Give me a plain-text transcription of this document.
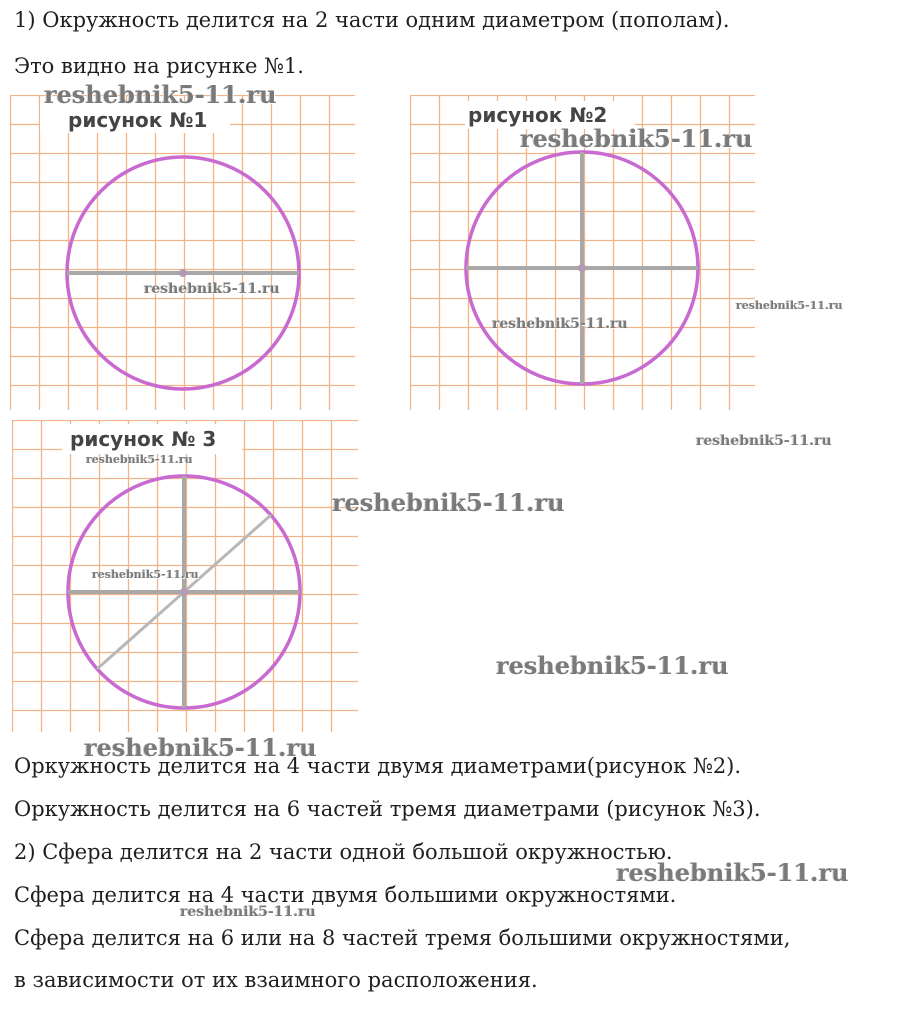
1) Окружность делится на 2 части одним диаметром (пополам).
Это видно на рисунке №1.
Оркужность делится на 4 части двумя диаметрами(рисунок №2).
Оркужность делится на 6 частей тремя диаметрами (рисунок №3).
2) Сфера делится на 2 части одной большой окружностью.
Сфера делится на 4 части двумя большими окружностями.
Сфера делится на 6 или на 8 частей тремя большими окружностями,
в зависимости от их взаимного расположения.
рисунок №1	рисунок №2
рисунок № 3
reshebnik5-11.ru
reshebnik5-11.ru
reshebnik5-11.ru
reshebnik5-11.ru
reshebnik5-11.ru
reshebnik5-11.ru
reshebnik5-11.ru
reshebnik5-11.ru
reshebnik5-11.ru
reshebnik5-11.ru
reshebnik5-11.ru
reshebnik5-11.ru
reshebnik5-11.ru
